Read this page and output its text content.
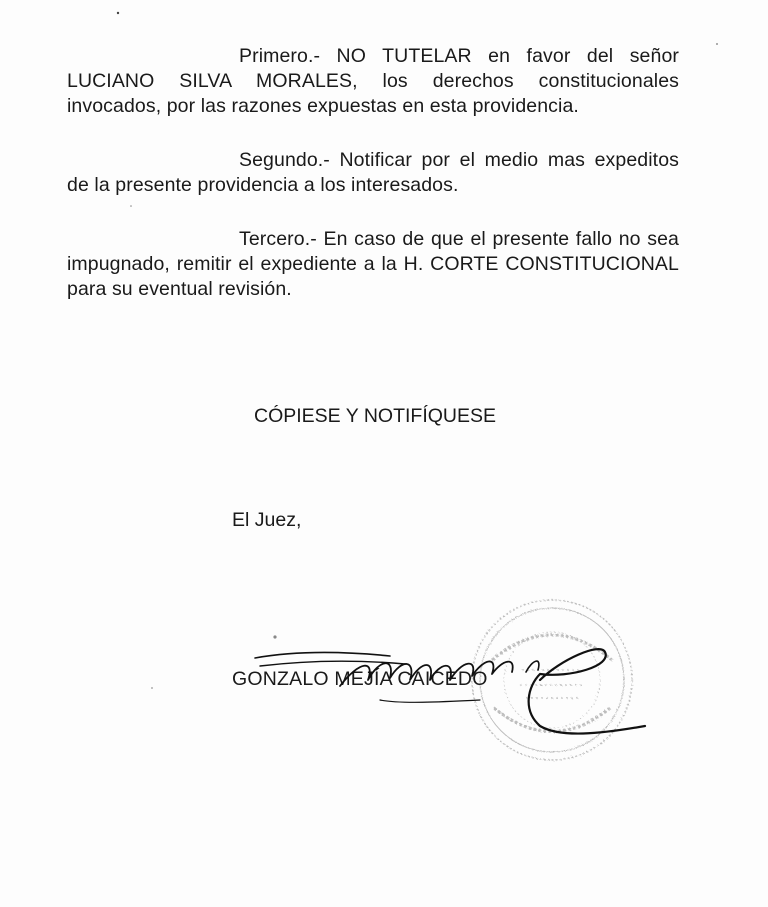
Primero.- NO TUTELAR en favor del señor LUCIANO SILVA MORALES, los derechos constitucionales invocados, por las razones expuestas en esta providencia.

Segundo.- Notificar por el medio mas expeditos de la presente providencia a los interesados.

Tercero.- En caso de que el presente fallo no sea impugnado, remitir el expediente a la H. CORTE CONSTITUCIONAL para su eventual revisión.

CÓPIESE Y NOTIFÍQUESE

El Juez,

GONZALO MEJÍA CAICEDO
